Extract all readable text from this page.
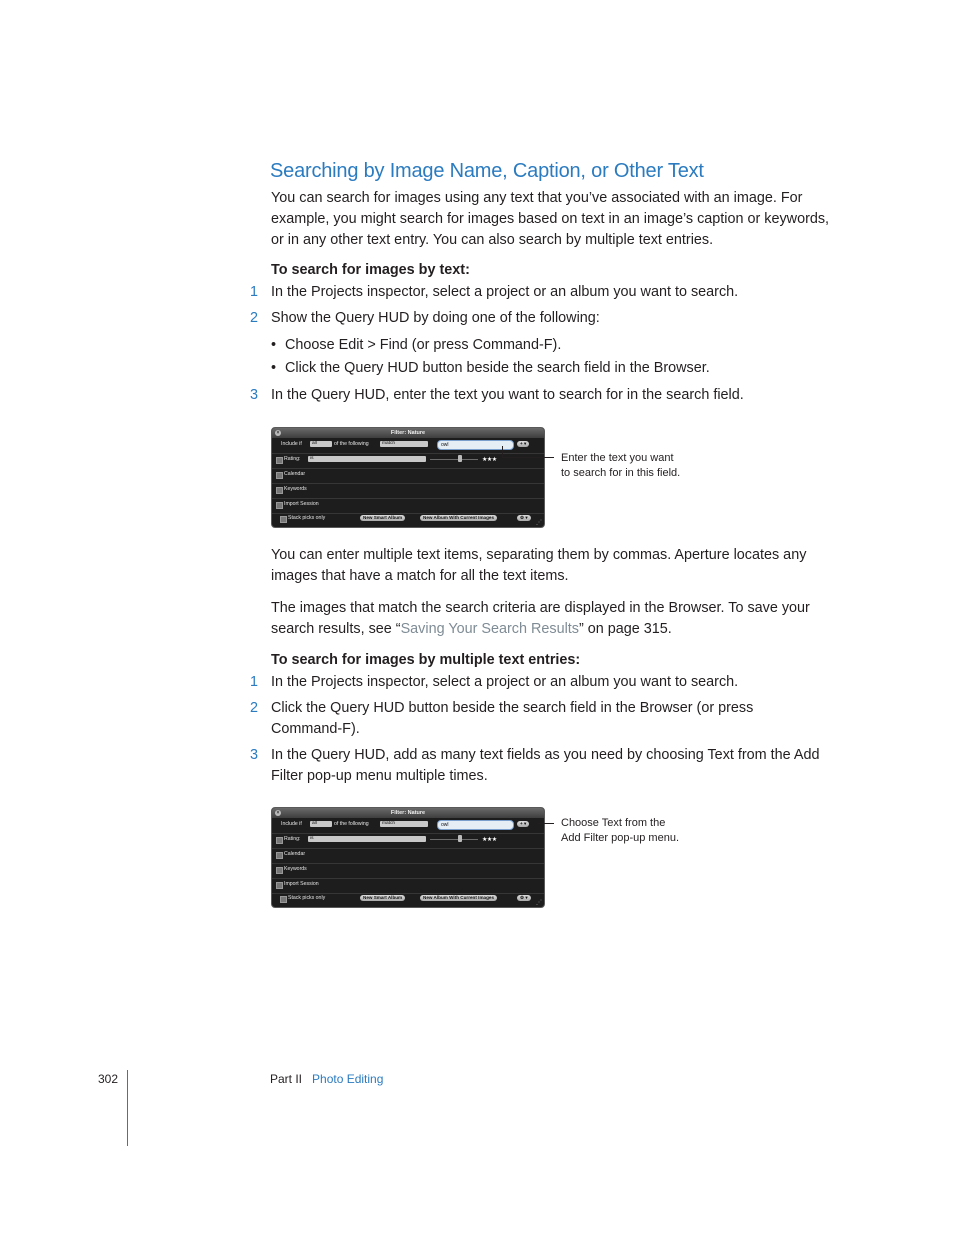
Searching by Image Name, Caption, or Other Text

You can search for images using any text that you’ve associated with an image. For example, you might search for images based on text in an image’s caption or keywords, or in any other text entry. You can also search by multiple text entries.

To search for images by text:
1 In the Projects inspector, select a project or an album you want to search.
2 Show the Query HUD by doing one of the following:
• Choose Edit > Find (or press Command-F).
• Click the Query HUD button beside the search field in the Browser.
3 In the Query HUD, enter the text you want to search for in the search field.
×	Filter: Nature
Include if	all	of the following	match	owl	+ ▾
Rating:	is	★★★
Calendar
Keywords
Import Session
Stack picks only	New Smart Album	New Album With Current Images	⚙ ▾
⋰
Enter the text you want
to search for in this field.

You can enter multiple text items, separating them by commas. Aperture locates any images that have a match for all the text items.

The images that match the search criteria are displayed in the Browser. To save your search results, see “Saving Your Search Results” on page 315.

To search for images by multiple text entries:
1 In the Projects inspector, select a project or an album you want to search.
2 Click the Query HUD button beside the search field in the Browser (or press Command-F).
3 In the Query HUD, add as many text fields as you need by choosing Text from the Add Filter pop-up menu multiple times.
×	Filter: Nature
Include if	all	of the following	match	owl	+ ▾
Rating:	is	★★★
Calendar
Keywords
Import Session
Stack picks only	New Smart Album	New Album With Current Images	⚙ ▾
⋰
Choose Text from the
Add Filter pop-up menu.
302	Part II Photo Editing
